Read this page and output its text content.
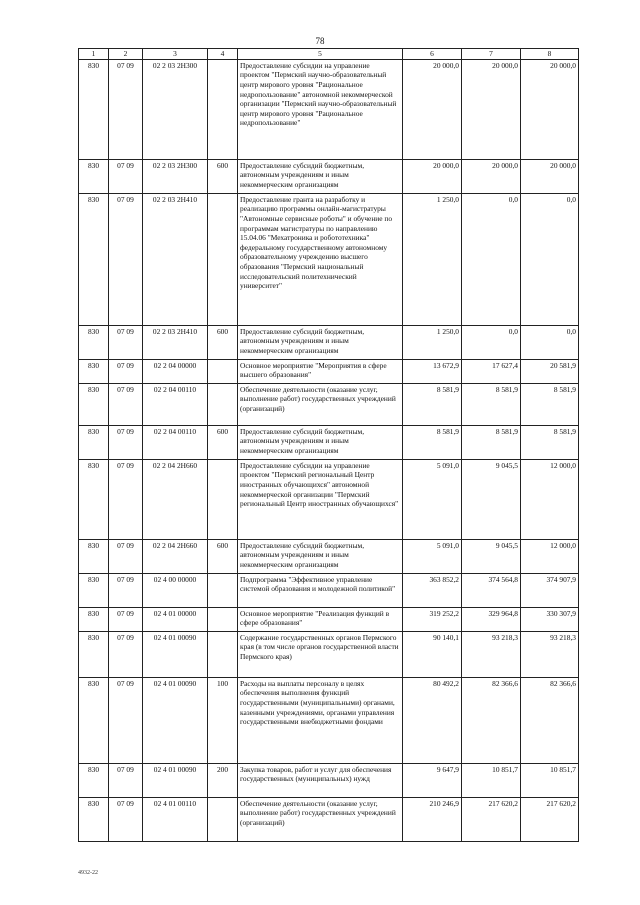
78
1	2	3	4	5	6	7	8
830	07 09	02 2 03 2Н300		Предоставление субсидии на управление проектом "Пермский научно-образовательный центр мирового уровня "Рациональное недропользование" автономной некоммерческой организации "Пермский научно-образовательный центр мирового уровня "Рациональное недропользование"	20 000,0	20 000,0	20 000,0
830	07 09	02 2 03 2Н300	600	Предоставление субсидий бюджетным, автономным учреждениям и иным некоммерческим организациям	20 000,0	20 000,0	20 000,0
830	07 09	02 2 03 2Н410		Предоставление гранта на разработку и реализацию программы онлайн-магистратуры "Автономные сервисные роботы" и обучение по программам магистратуры по направлению 15.04.06 "Мехатроника и робототехника" федеральному государственному автономному образовательному учреждению высшего образования "Пермский национальный исследовательский политехнический университет"	1 250,0	0,0	0,0
830	07 09	02 2 03 2Н410	600	Предоставление субсидий бюджетным, автономным учреждениям и иным некоммерческим организациям	1 250,0	0,0	0,0
830	07 09	02 2 04 00000		Основное мероприятие "Мероприятия в сфере высшего образования"	13 672,9	17 627,4	20 581,9
830	07 09	02 2 04 00110		Обеспечение деятельности (оказание услуг, выполнение работ) государственных учреждений (организаций)	8 581,9	8 581,9	8 581,9
830	07 09	02 2 04 00110	600	Предоставление субсидий бюджетным, автономным учреждениям и иным некоммерческим организациям	8 581,9	8 581,9	8 581,9
830	07 09	02 2 04 2Н660		Предоставление субсидии на управление проектом "Пермский региональный Центр иностранных обучающихся" автономной некоммерческой организации "Пермский региональный Центр иностранных обучающихся"	5 091,0	9 045,5	12 000,0
830	07 09	02 2 04 2Н660	600	Предоставление субсидий бюджетным, автономным учреждениям и иным некоммерческим организациям	5 091,0	9 045,5	12 000,0
830	07 09	02 4 00 00000		Подпрограмма "Эффективное управление системой образования и молодежной политикой"	363 852,2	374 564,8	374 907,9
830	07 09	02 4 01 00000		Основное мероприятие "Реализация функций в сфере образования"	319 252,2	329 964,8	330 307,9
830	07 09	02 4 01 00090		Содержание государственных органов Пермского края (в том числе органов государственной власти Пермского края)	90 140,1	93 218,3	93 218,3
830	07 09	02 4 01 00090	100	Расходы на выплаты персоналу в целях обеспечения выполнения функций государственными (муниципальными) органами, казенными учреждениями, органами управления государственными внебюджетными фондами	80 492,2	82 366,6	82 366,6
830	07 09	02 4 01 00090	200	Закупка товаров, работ и услуг для обеспечения государственных (муниципальных) нужд	9 647,9	10 851,7	10 851,7
830	07 09	02 4 01 00110		Обеспечение деятельности (оказание услуг, выполнение работ) государственных учреждений (организаций)	210 246,9	217 620,2	217 620,2
4932-22
